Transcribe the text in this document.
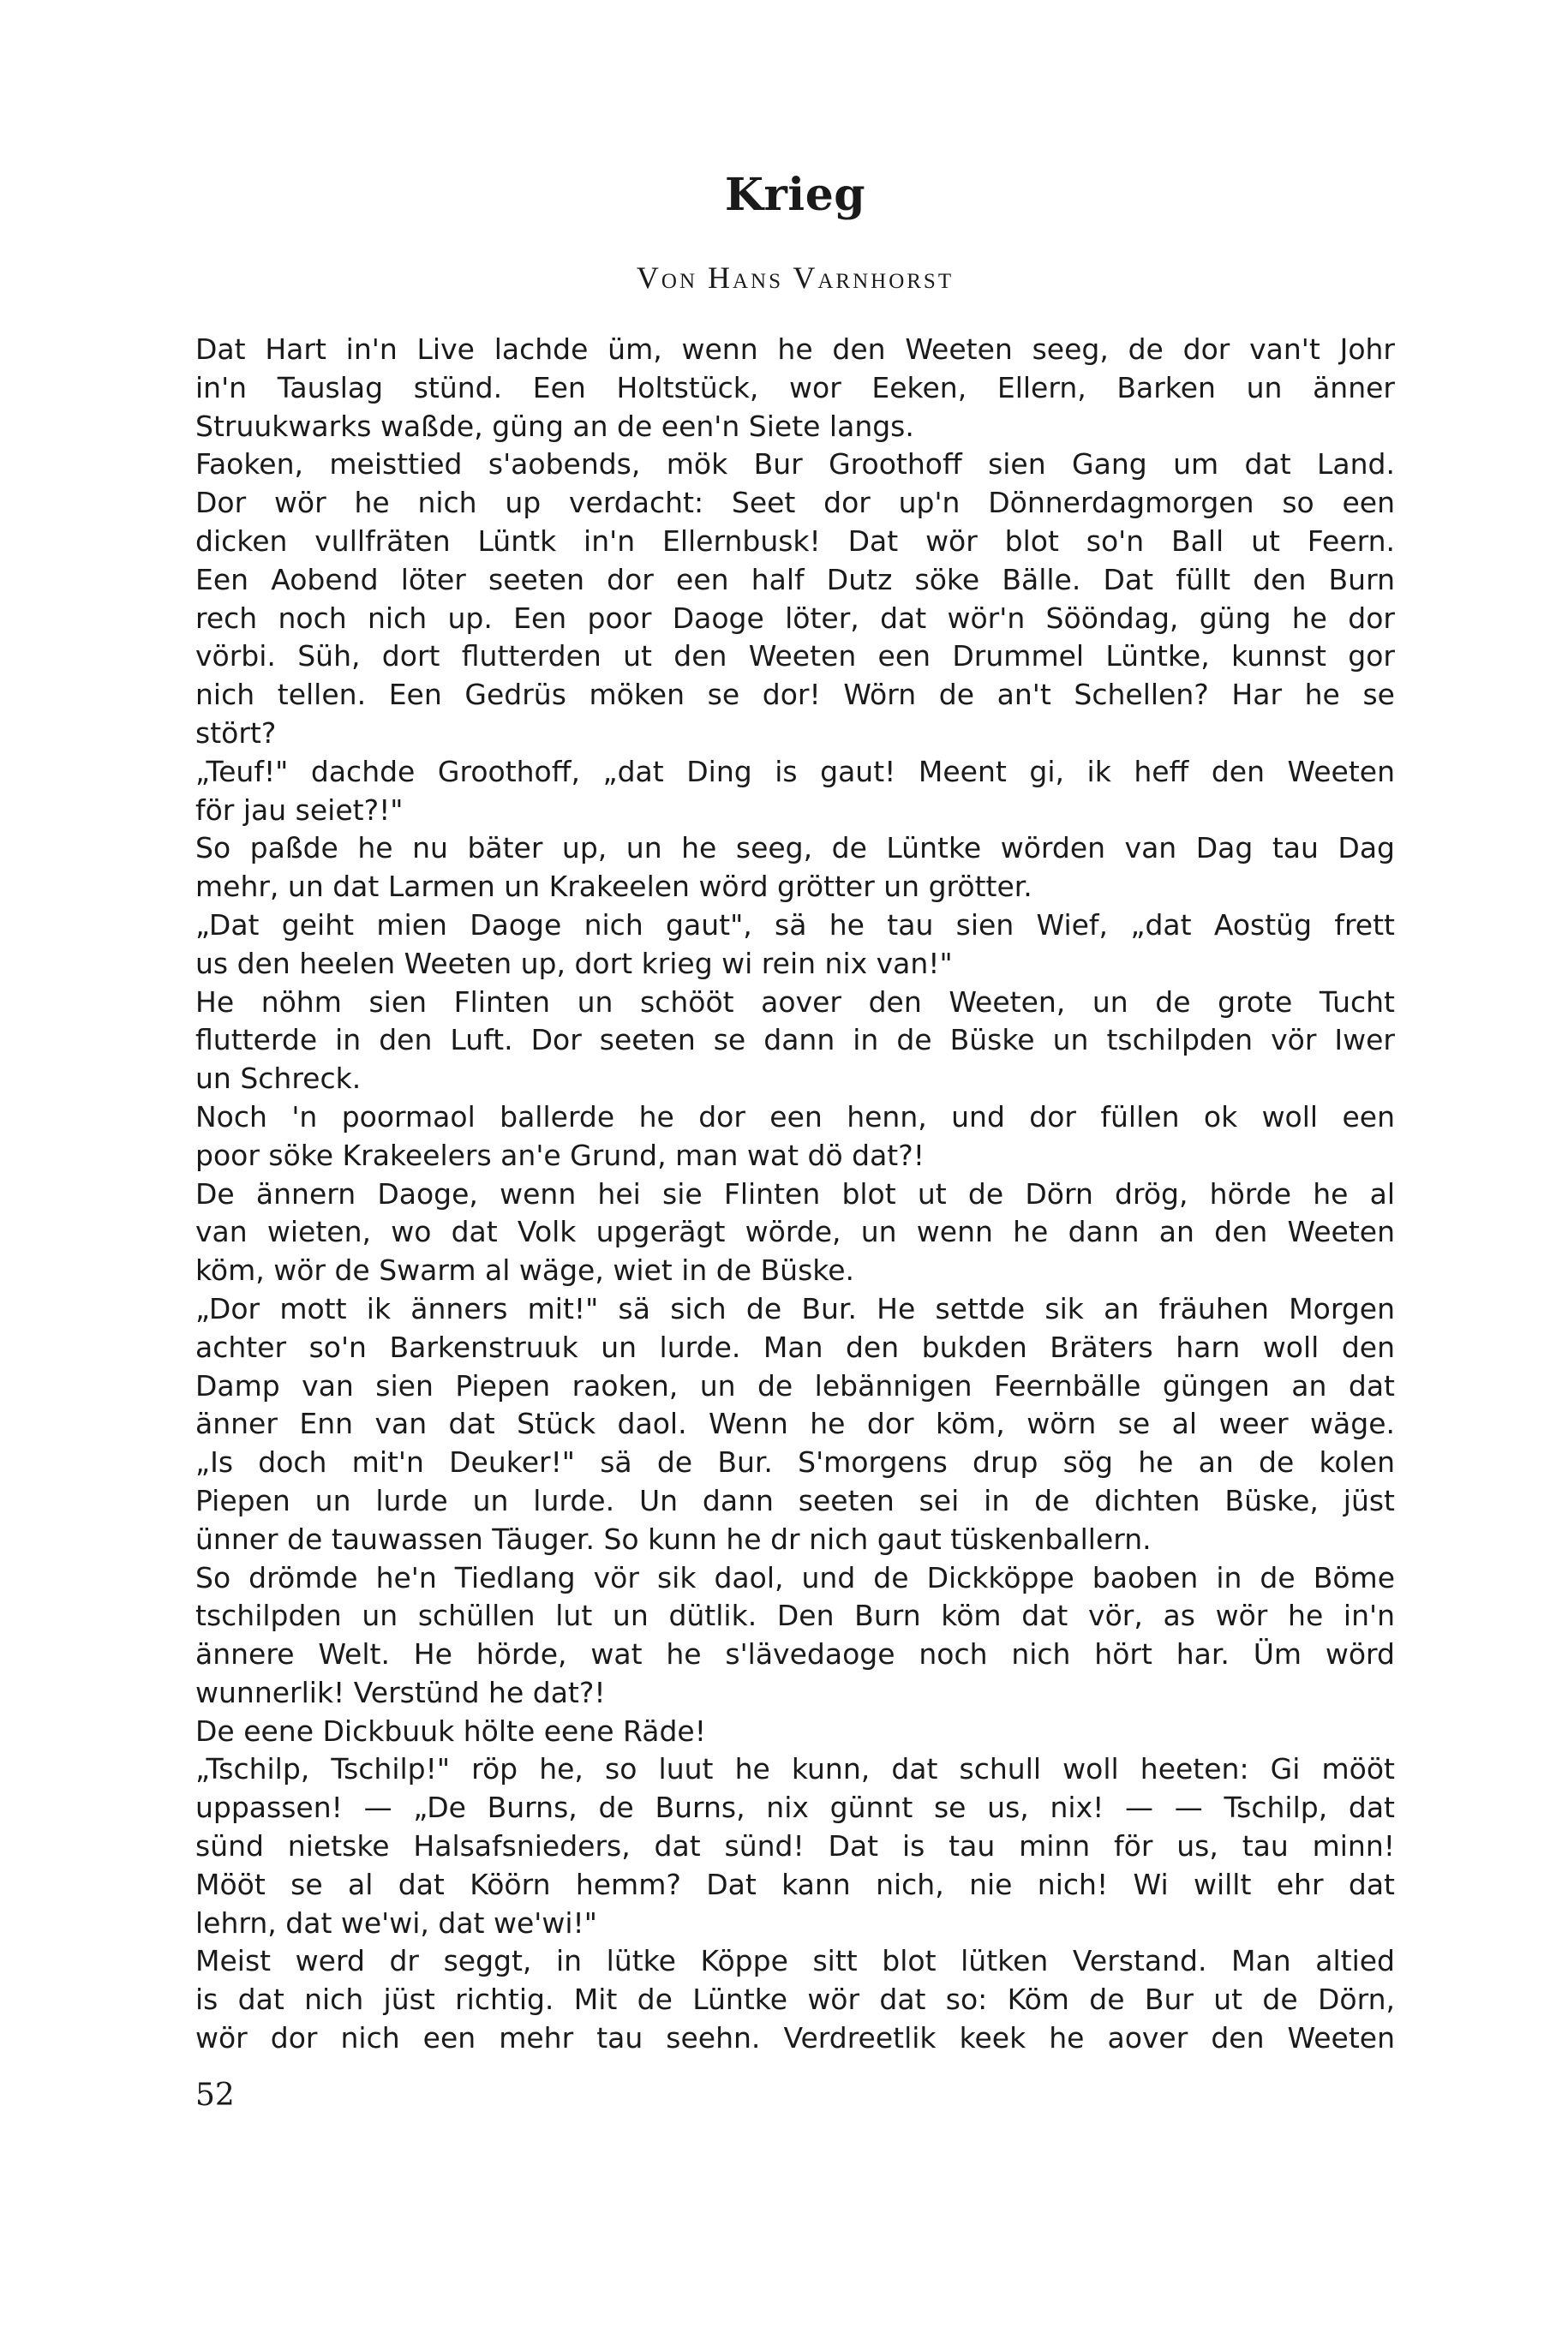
Krieg

Von Hans Varnhorst

Dat Hart in'n Live lachde üm, wenn he den Weeten seeg, de dor van't Johr
in'n Tauslag stünd. Een Holtstück, wor Eeken, Ellern, Barken un änner
Struukwarks waßde, güng an de een'n Siete langs.
Faoken, meisttied s'aobends, mök Bur Groothoff sien Gang um dat Land.
Dor wör he nich up verdacht: Seet dor up'n Dönnerdagmorgen so een
dicken vullfräten Lüntk in'n Ellernbusk! Dat wör blot so'n Ball ut Feern.
Een Aobend löter seeten dor een half Dutz söke Bälle. Dat füllt den Burn
rech noch nich up. Een poor Daoge löter, dat wör'n Sööndag, güng he dor
vörbi. Süh, dort flutterden ut den Weeten een Drummel Lüntke, kunnst gor
nich tellen. Een Gedrüs möken se dor! Wörn de an't Schellen? Har he se
stört?
„Teuf!" dachde Groothoff, „dat Ding is gaut! Meent gi, ik heff den Weeten
för jau seiet?!"
So paßde he nu bäter up, un he seeg, de Lüntke wörden van Dag tau Dag
mehr, un dat Larmen un Krakeelen wörd grötter un grötter.
„Dat geiht mien Daoge nich gaut", sä he tau sien Wief, „dat Aostüg frett
us den heelen Weeten up, dort krieg wi rein nix van!"
He nöhm sien Flinten un schööt aover den Weeten, un de grote Tucht
flutterde in den Luft. Dor seeten se dann in de Büske un tschilpden vör Iwer
un Schreck.
Noch 'n poormaol ballerde he dor een henn, und dor füllen ok woll een
poor söke Krakeelers an'e Grund, man wat dö dat?!
De ännern Daoge, wenn hei sie Flinten blot ut de Dörn drög, hörde he al
van wieten, wo dat Volk upgerägt wörde, un wenn he dann an den Weeten
köm, wör de Swarm al wäge, wiet in de Büske.
„Dor mott ik änners mit!" sä sich de Bur. He settde sik an fräuhen Morgen
achter so'n Barkenstruuk un lurde. Man den bukden Bräters harn woll den
Damp van sien Piepen raoken, un de lebännigen Feernbälle güngen an dat
änner Enn van dat Stück daol. Wenn he dor köm, wörn se al weer wäge.
„Is doch mit'n Deuker!" sä de Bur. S'morgens drup sög he an de kolen
Piepen un lurde un lurde. Un dann seeten sei in de dichten Büske, jüst
ünner de tauwassen Täuger. So kunn he dr nich gaut tüskenballern.
So drömde he'n Tiedlang vör sik daol, und de Dickköppe baoben in de Böme
tschilpden un schüllen lut un dütlik. Den Burn köm dat vör, as wör he in'n
ännere Welt. He hörde, wat he s'lävedaoge noch nich hört har. Üm wörd
wunnerlik! Verstünd he dat?!
De eene Dickbuuk hölte eene Räde!
„Tschilp, Tschilp!" röp he, so luut he kunn, dat schull woll heeten: Gi mööt
uppassen! — „De Burns, de Burns, nix günnt se us, nix! — — Tschilp, dat
sünd nietske Halsafsnieders, dat sünd! Dat is tau minn för us, tau minn!
Mööt se al dat Köörn hemm? Dat kann nich, nie nich! Wi willt ehr dat
lehrn, dat we'wi, dat we'wi!"
Meist werd dr seggt, in lütke Köppe sitt blot lütken Verstand. Man altied
is dat nich jüst richtig. Mit de Lüntke wör dat so: Köm de Bur ut de Dörn,
wör dor nich een mehr tau seehn. Verdreetlik keek he aover den Weeten

52
